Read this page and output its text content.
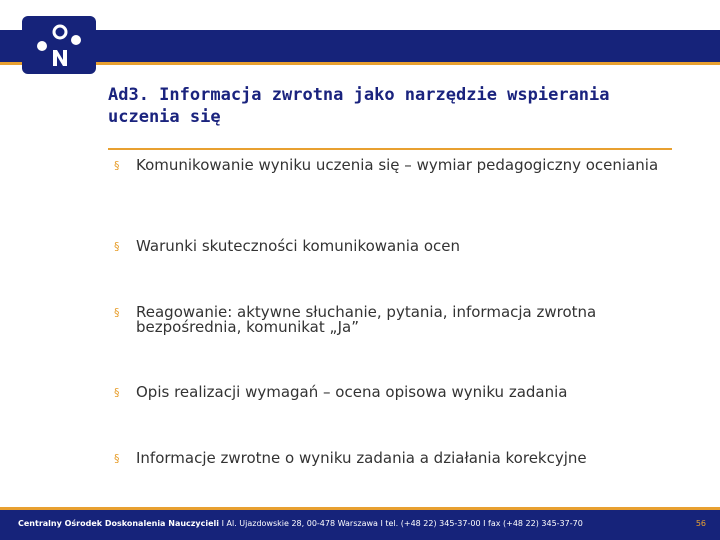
Ad3. Informacja zwrotna jako narzędzie wspierania uczenia się
§	Komunikowanie wyniku uczenia się – wymiar pedagogiczny oceniania
§	Warunki skuteczności komunikowania ocen
§	Reagowanie: aktywne słuchanie, pytania, informacja zwrotna bezpośrednia, komunikat „Ja”
§	Opis realizacji wymagań – ocena opisowa wyniku zadania
§	Informacje zwrotne o wyniku zadania a działania korekcyjne
Centralny Ośrodek Doskonalenia Nauczycieli I Al. Ujazdowskie 28, 00-478 Warszawa I tel. (+48 22) 345-37-00 I fax (+48 22) 345-37-70	56
